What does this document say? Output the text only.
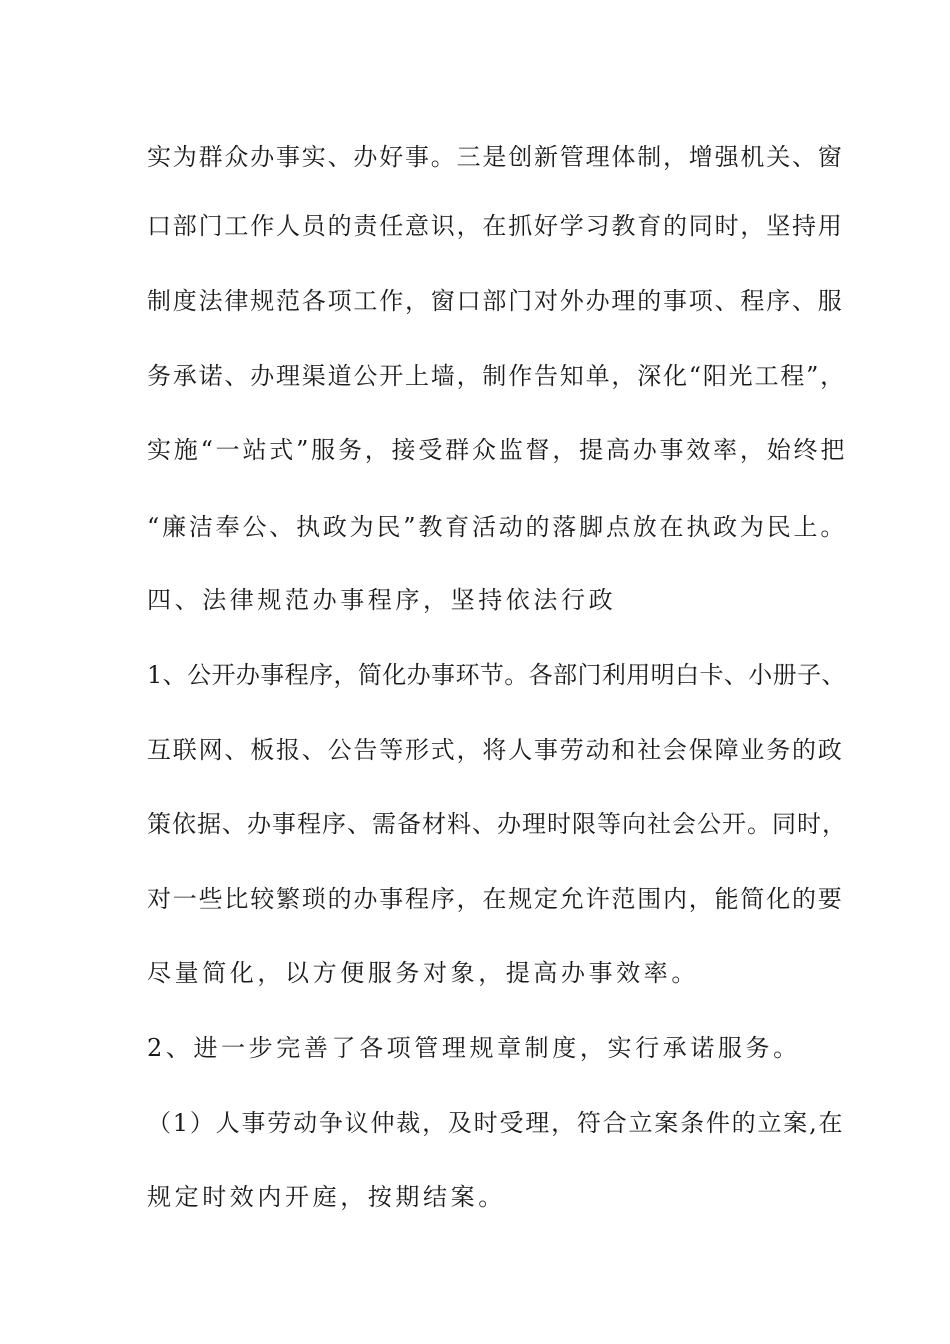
实为群众办事实、办好事。三是创新管理体制，增强机关、窗
口部门工作人员的责任意识，在抓好学习教育的同时，坚持用
制度法律规范各项工作，窗口部门对外办理的事项、程序、服
务承诺、办理渠道公开上墙，制作告知单，深化“阳光工程”，
实施“一站式”服务，接受群众监督，提高办事效率，始终把
“廉洁奉公、执政为民”教育活动的落脚点放在执政为民上。
四、法律规范办事程序，坚持依法行政
1、公开办事程序，简化办事环节。各部门利用明白卡、小册子、
互联网、板报、公告等形式，将人事劳动和社会保障业务的政
策依据、办事程序、需备材料、办理时限等向社会公开。同时，
对一些比较繁琐的办事程序，在规定允许范围内，能简化的要
尽量简化，以方便服务对象，提高办事效率。
2、进一步完善了各项管理规章制度，实行承诺服务。
（1）人事劳动争议仲裁，及时受理，符合立案条件的立案,在
规定时效内开庭，按期结案。
